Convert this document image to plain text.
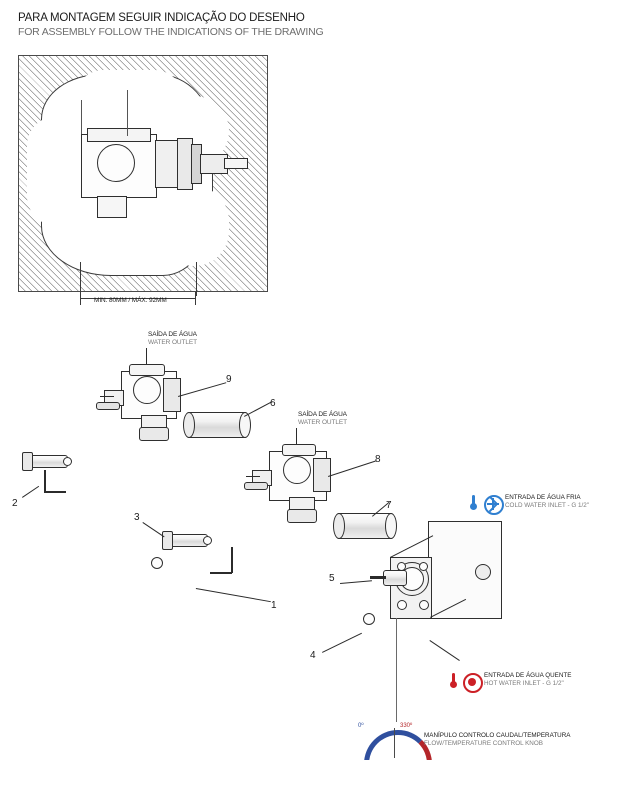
PARA MONTAGEM SEGUIR INDICAÇÃO DO DESENHO
FOR ASSEMBLY FOLLOW THE INDICATIONS OF THE DRAWING
MIN. 80MM / MÁX. 92MM
SAÍDA DE ÁGUA
WATER OUTLET
9
6
2
SAÍDA DE ÁGUA
WATER OUTLET
8
7
3
1
5
4
ENTRADA DE ÁGUA FRIA
COLD WATER INLET - G 1/2"
ENTRADA DE ÁGUA QUENTE
HOT WATER INLET - G 1/2"
0º	330º
MANÍPULO CONTROLO CAUDAL/TEMPERATURA
FLOW/TEMPERATURE CONTROL KNOB
